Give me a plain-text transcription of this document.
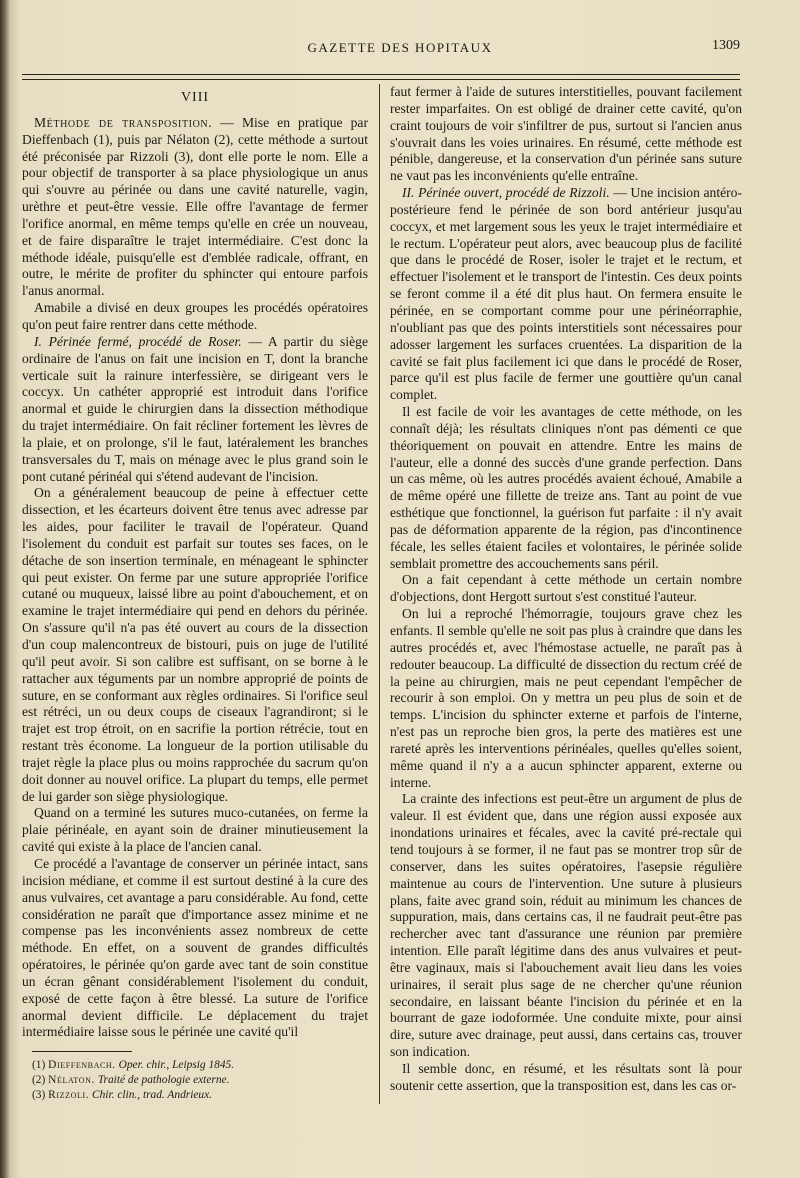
GAZETTE DES HOPITAUX	1309
VIII

Méthode de transposition. — Mise en pratique par Dieffenbach (1), puis par Nélaton (2), cette méthode a surtout été préconisée par Rizzoli (3), dont elle porte le nom. Elle a pour objectif de transporter à sa place physiologique un anus qui s'ouvre au périnée ou dans une cavité naturelle, vagin, urèthre et peut-être vessie. Elle offre l'avantage de fermer l'orifice anormal, en même temps qu'elle en crée un nouveau, et de faire disparaître le trajet intermédiaire. C'est donc la méthode idéale, puisqu'elle est d'emblée radicale, offrant, en outre, le mérite de profiter du sphincter qui entoure parfois l'anus anormal.

Amabile a divisé en deux groupes les procédés opératoires qu'on peut faire rentrer dans cette méthode.

I. Périnée fermé, procédé de Roser. — A partir du siège ordinaire de l'anus on fait une incision en T, dont la branche verticale suit la rainure interfessière, se dirigeant vers le coccyx. Un cathéter approprié est introduit dans l'orifice anormal et guide le chirurgien dans la dissection méthodique du trajet intermédiaire. On fait récliner fortement les lèvres de la plaie, et on prolonge, s'il le faut, latéralement les branches transversales du T, mais on ménage avec le plus grand soin le pont cutané périnéal qui s'étend audevant de l'incision.

On a généralement beaucoup de peine à effectuer cette dissection, et les écarteurs doivent être tenus avec adresse par les aides, pour faciliter le travail de l'opérateur. Quand l'isolement du conduit est parfait sur toutes ses faces, on le détache de son insertion terminale, en ménageant le sphincter qui peut exister. On ferme par une suture appropriée l'orifice cutané ou muqueux, laissé libre au point d'abouchement, et on examine le trajet intermédiaire qui pend en dehors du périnée. On s'assure qu'il n'a pas été ouvert au cours de la dissection d'un coup malencontreux de bistouri, puis on juge de l'utilité qu'il peut avoir. Si son calibre est suffisant, on se borne à le rattacher aux téguments par un nombre approprié de points de suture, en se conformant aux règles ordinaires. Si l'orifice seul est rétréci, un ou deux coups de ciseaux l'agrandiront; si le trajet est trop étroit, on en sacrifie la portion rétrécie, tout en restant très économe. La longueur de la portion utilisable du trajet règle la place plus ou moins rapprochée du sacrum qu'on doit donner au nouvel orifice. La plupart du temps, elle permet de lui garder son siège physiologique.

Quand on a terminé les sutures muco-cutanées, on ferme la plaie périnéale, en ayant soin de drainer minutieusement la cavité qui existe à la place de l'ancien canal.

Ce procédé a l'avantage de conserver un périnée intact, sans incision médiane, et comme il est surtout destiné à la cure des anus vulvaires, cet avantage a paru considérable. Au fond, cette considération ne paraît que d'importance assez minime et ne compense pas les inconvénients assez nombreux de cette méthode. En effet, on a souvent de grandes difficultés opératoires, le périnée qu'on garde avec tant de soin constitue un écran gênant considérablement l'isolement du conduit, exposé de cette façon à être blessé. La suture de l'orifice anormal devient difficile. Le déplacement du trajet intermédiaire laisse sous le périnée une cavité qu'il

(1) Dieffenbach. Oper. chir., Leipsig 1845.
(2) Nélaton. Traité de pathologie externe.
(3) Rizzoli. Chir. clin., trad. Andrieux.

faut fermer à l'aide de sutures interstitielles, pouvant facilement rester imparfaites. On est obligé de drainer cette cavité, qu'on craint toujours de voir s'infiltrer de pus, surtout si l'ancien anus s'ouvrait dans les voies urinaires. En résumé, cette méthode est pénible, dangereuse, et la conservation d'un périnée sans suture ne vaut pas les inconvénients qu'elle entraîne.

II. Périnée ouvert, procédé de Rizzoli. — Une incision antéro-postérieure fend le périnée de son bord antérieur jusqu'au coccyx, et met largement sous les yeux le trajet intermédiaire et le rectum. L'opérateur peut alors, avec beaucoup plus de facilité que dans le procédé de Roser, isoler le trajet et le rectum, et effectuer l'isolement et le transport de l'intestin. Ces deux points se feront comme il a été dit plus haut. On fermera ensuite le périnée, en se comportant comme pour une périnéorraphie, n'oubliant pas que des points interstitiels sont nécessaires pour adosser largement les surfaces cruentées. La disparition de la cavité se fait plus facilement ici que dans le procédé de Roser, parce qu'il est plus facile de fermer une gouttière qu'un canal complet.

Il est facile de voir les avantages de cette méthode, on les connaît déjà; les résultats cliniques n'ont pas démenti ce que théoriquement on pouvait en attendre. Entre les mains de l'auteur, elle a donné des succès d'une grande perfection. Dans un cas même, où les autres procédés avaient échoué, Amabile a de même opéré une fillette de treize ans. Tant au point de vue esthétique que fonctionnel, la guérison fut parfaite : il n'y avait pas de déformation apparente de la région, pas d'incontinence fécale, les selles étaient faciles et volontaires, le périnée solide semblait promettre des accouchements sans péril.

On a fait cependant à cette méthode un certain nombre d'objections, dont Hergott surtout s'est constitué l'auteur.

On lui a reproché l'hémorragie, toujours grave chez les enfants. Il semble qu'elle ne soit pas plus à craindre que dans les autres procédés et, avec l'hémostase actuelle, ne paraît pas à redouter beaucoup. La difficulté de dissection du rectum créé de la peine au chirurgien, mais ne peut cependant l'empêcher de recourir à son emploi. On y mettra un peu plus de soin et de temps. L'incision du sphincter externe et parfois de l'interne, n'est pas un reproche bien gros, la perte des matières est une rareté après les interventions périnéales, quelles qu'elles soient, même quand il n'y a a aucun sphincter apparent, externe ou interne.

La crainte des infections est peut-être un argument de plus de valeur. Il est évident que, dans une région aussi exposée aux inondations urinaires et fécales, avec la cavité pré-rectale qui tend toujours à se former, il ne faut pas se montrer trop sûr de conserver, dans les suites opératoires, l'asepsie régulière maintenue au cours de l'intervention. Une suture à plusieurs plans, faite avec grand soin, réduit au minimum les chances de suppuration, mais, dans certains cas, il ne faudrait peut-être pas rechercher avec tant d'assurance une réunion par première intention. Elle paraît légitime dans des anus vulvaires et peut-être vaginaux, mais si l'abouchement avait lieu dans les voies urinaires, il serait plus sage de ne chercher qu'une réunion secondaire, en laissant béante l'incision du périnée et en la bourrant de gaze iodoformée. Une conduite mixte, pour ainsi dire, suture avec drainage, peut aussi, dans certains cas, trouver son indication.

Il semble donc, en résumé, et les résultats sont là pour soutenir cette assertion, que la transposition est, dans les cas or-
